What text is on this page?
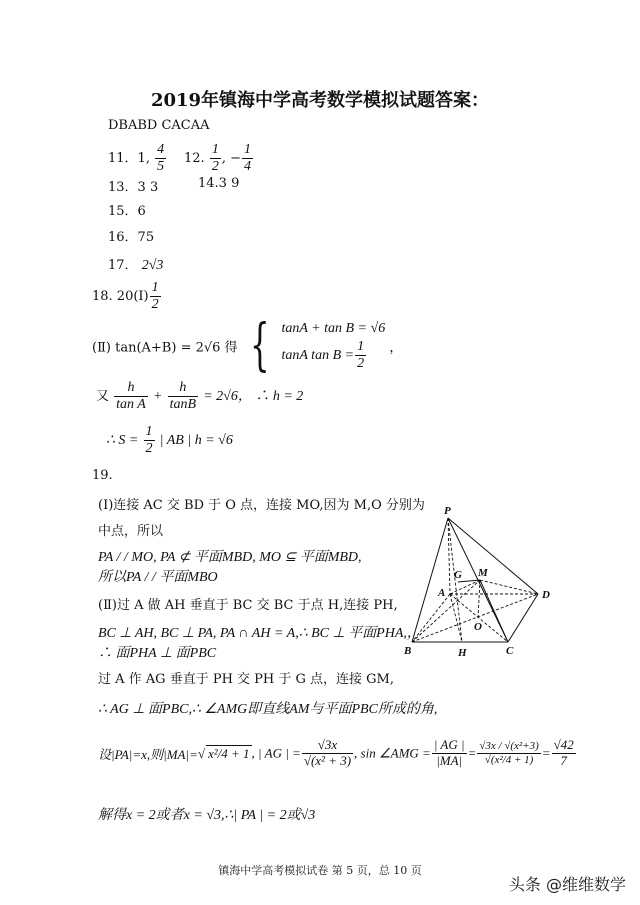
2019年镇海中学高考数学模拟试题答案：
DBABD CACAA
11．1, $\frac{4}{5} 12$. $\frac{1}{2}$ , − $\frac{1}{4}$
13．3 3	14.3 9
15．6
16．75
17． 2√3
18. 20(Ⅰ) $\frac{1}{2}$
(Ⅱ) tan(A+B) = 2√6 得 { tanA + tan B = √6
tanA $\tan B = \frac{1}{2}$ ，
又 $\frac{h}{\text{tan A}} + \frac{h}{\tan B} = 2√6$， ∴ h = 2
∴ $S = \frac{1}{2}$ | AB | h = √6
19.
(Ⅰ)连接 AC 交 BD 于 O 点，连接 MO,因为 M,O 分别为
中点，所以
PA / / MO, PA ⊄ 平面MBD, MO ⊆ 平面MBD,
所以PA / / 平面MBO
(Ⅱ)过 A 做 AH 垂直于 BC 交 BC 于点 H,连接 PH,
BC ⊥ AH, BC ⊥ PA, PA ∩ AH = A,∴ BC ⊥ 平面PHA,，
∴ 面PHA ⊥ 面PBC
过 A 作 AG 垂直于 PH 交 PH 于 G 点，连接 GM,
∴ AG ⊥ 面PBC,∴ ∠AMG即直线AM与平面PBC所成的角,
设|PA|=x,则|MA|=√ x²/4 + 1 , | AG | = $\frac{√3x}{\text{√(x² + 3)}}$ , sin ∠AMG = $\frac{| AG |}{|MA|} = \frac{\text{√3x / √(x²+3)}}{\text{√(x²/4 + 1)}} = \frac{√42}{7}$
解得x = 2或者x = √3,∴| PA | = 2或√3
P
G M
A	D
O
B	H	C
镇海中学高考模拟试卷 第 5 页，总 10 页
头条 @维维数学
